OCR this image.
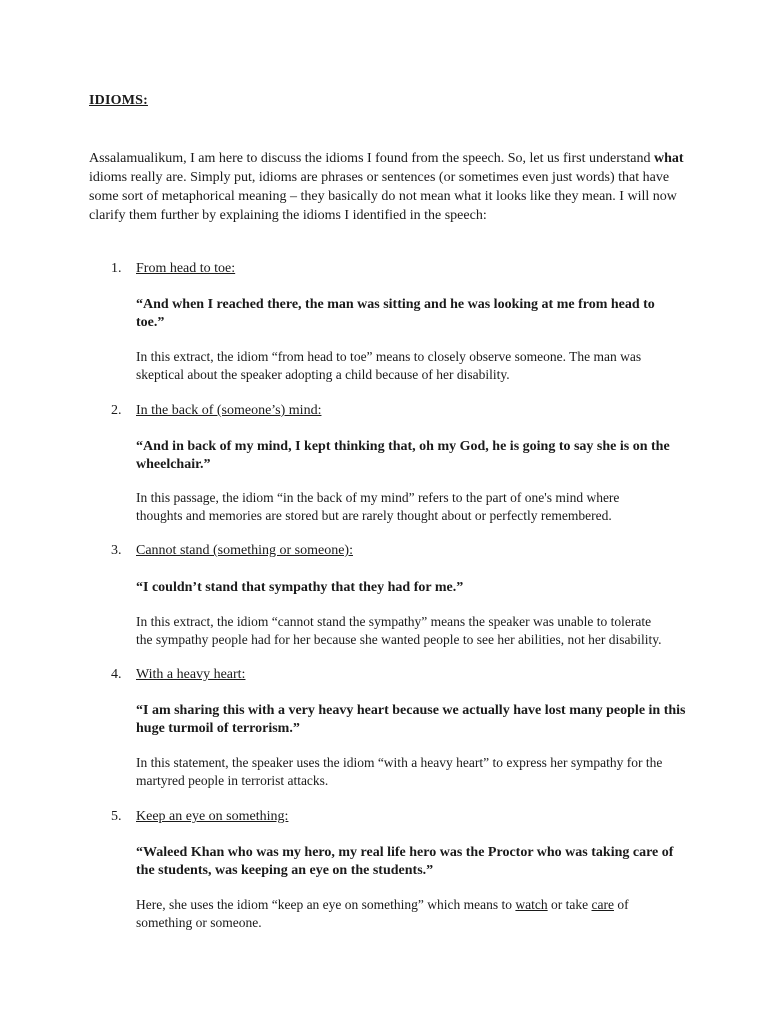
IDIOMS:
Assalamualikum, I am here to discuss the idioms I found from the speech. So, let us first understand what
idioms really are. Simply put, idioms are phrases or sentences (or sometimes even just words) that have
some sort of metaphorical meaning – they basically do not mean what it looks like they mean. I will now
clarify them further by explaining the idioms I identified in the speech:
1. From head to toe:
“And when I reached there, the man was sitting and he was looking at me from head to
toe.”
In this extract, the idiom “from head to toe” means to closely observe someone. The man was
skeptical about the speaker adopting a child because of her disability.
2. In the back of (someone’s) mind:
“And in back of my mind, I kept thinking that, oh my God, he is going to say she is on the
wheelchair.”
In this passage, the idiom “in the back of my mind” refers to the part of one's mind where
thoughts and memories are stored but are rarely thought about or perfectly remembered.
3. Cannot stand (something or someone):
“I couldn’t stand that sympathy that they had for me.”
In this extract, the idiom “cannot stand the sympathy” means the speaker was unable to tolerate
the sympathy people had for her because she wanted people to see her abilities, not her disability.
4. With a heavy heart:
“I am sharing this with a very heavy heart because we actually have lost many people in this
huge turmoil of terrorism.”
In this statement, the speaker uses the idiom “with a heavy heart” to express her sympathy for the
martyred people in terrorist attacks.
5. Keep an eye on something:
“Waleed Khan who was my hero, my real life hero was the Proctor who was taking care of
the students, was keeping an eye on the students.”
Here, she uses the idiom “keep an eye on something” which means to watch or take care of
something or someone.
